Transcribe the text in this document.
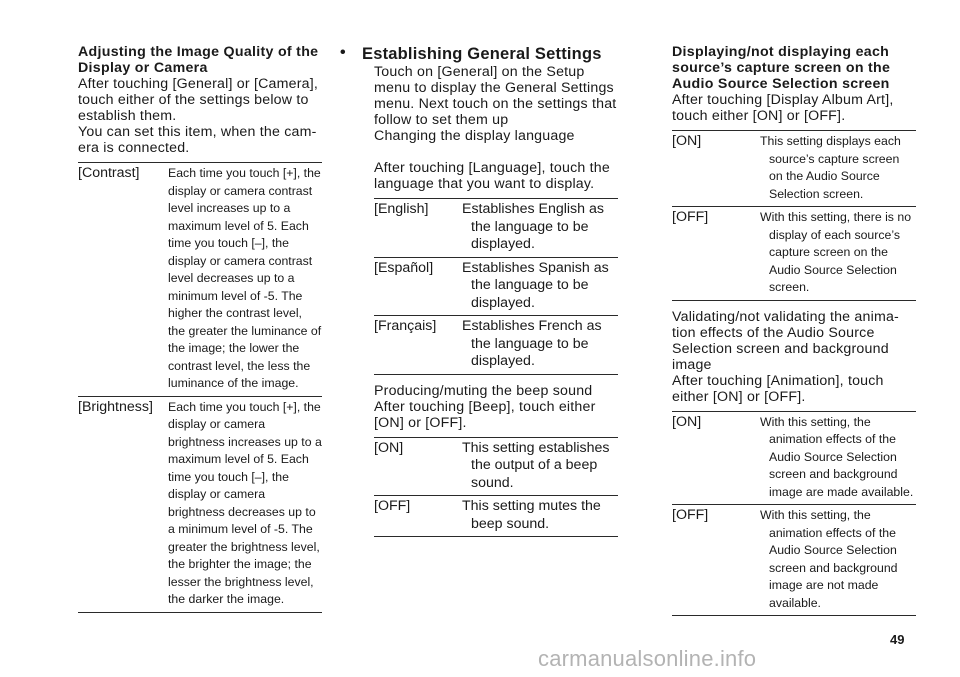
Adjusting the Image Quality of the Display or Camera
After touching [General] or [Camera], touch either of the settings below to establish them.
You can set this item, when the cam-era is connected.
[Contrast]	Each time you touch [+], the display or camera contrast level increases up to a maximum level of 5. Each time you touch [–], the display or camera contrast level decreases up to a minimum level of -5. The higher the contrast level, the greater the luminance of the image; the lower the contrast level, the less the luminance of the image.
[Brightness]	Each time you touch [+], the display or camera brightness increases up to a maximum level of 5. Each time you touch [–], the display or camera brightness decreases up to a minimum level of -5. The greater the brightness level, the brighter the image; the lesser the brightness level, the darker the image.
• Establishing General Settings
Touch on [General] on the Setup menu to display the General Settings menu. Next touch on the settings that follow to set them up
Changing the display language
After touching [Language], touch the language that you want to display.
[English]	Establishes English as the language to be displayed.

[Español]	Establishes Spanish as the language to be displayed.

[Français]	Establishes French as the language to be displayed.
Producing/muting the beep sound
After touching [Beep], touch either [ON] or [OFF].
[ON]	This setting establishes the output of a beep sound.

[OFF]	This setting mutes the beep sound.
Displaying/not displaying each source’s capture screen on the Audio Source Selection screen
After touching [Display Album Art], touch either [ON] or [OFF].
[ON]	This setting displays each source’s capture screen on the Audio Source Selection screen.

[OFF]	With this setting, there is no display of each source’s capture screen on the Audio Source Selection screen.
Validating/not validating the anima-tion effects of the Audio Source Selection screen and background image
After touching [Animation], touch either [ON] or [OFF].
[ON]	With this setting, the animation effects of the Audio Source Selection screen and background image are made available.

[OFF]	With this setting, the animation effects of the Audio Source Selection screen and background image are not made available.
49
carmanualsonline.info
